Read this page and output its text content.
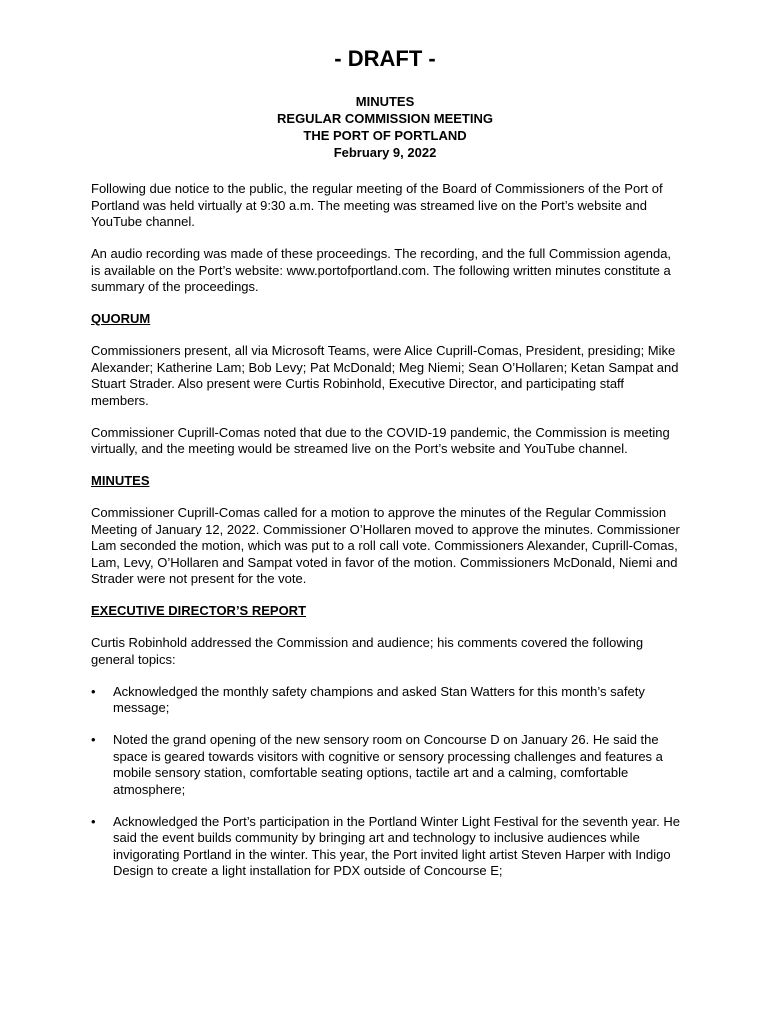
- DRAFT -
MINUTES
REGULAR COMMISSION MEETING
THE PORT OF PORTLAND
February 9, 2022

Following due notice to the public, the regular meeting of the Board of Commissioners of the Port of Portland was held virtually at 9:30 a.m. The meeting was streamed live on the Port’s website and YouTube channel.

An audio recording was made of these proceedings. The recording, and the full Commission agenda, is available on the Port’s website: www.portofportland.com. The following written minutes constitute a summary of the proceedings.

QUORUM

Commissioners present, all via Microsoft Teams, were Alice Cuprill-Comas, President, presiding; Mike Alexander; Katherine Lam; Bob Levy; Pat McDonald; Meg Niemi; Sean O’Hollaren; Ketan Sampat and Stuart Strader. Also present were Curtis Robinhold, Executive Director, and participating staff members.

Commissioner Cuprill-Comas noted that due to the COVID-19 pandemic, the Commission is meeting virtually, and the meeting would be streamed live on the Port’s website and YouTube channel.

MINUTES

Commissioner Cuprill-Comas called for a motion to approve the minutes of the Regular Commission Meeting of January 12, 2022. Commissioner O’Hollaren moved to approve the minutes. Commissioner Lam seconded the motion, which was put to a roll call vote. Commissioners Alexander, Cuprill-Comas, Lam, Levy, O’Hollaren and Sampat voted in favor of the motion. Commissioners McDonald, Niemi and Strader were not present for the vote.

EXECUTIVE DIRECTOR’S REPORT

Curtis Robinhold addressed the Commission and audience; his comments covered the following general topics:

•	Acknowledged the monthly safety champions and asked Stan Watters for this month’s safety message;
•	Noted the grand opening of the new sensory room on Concourse D on January 26. He said the space is geared towards visitors with cognitive or sensory processing challenges and features a mobile sensory station, comfortable seating options, tactile art and a calming, comfortable atmosphere;
•	Acknowledged the Port’s participation in the Portland Winter Light Festival for the seventh year. He said the event builds community by bringing art and technology to inclusive audiences while invigorating Portland in the winter. This year, the Port invited light artist Steven Harper with Indigo Design to create a light installation for PDX outside of Concourse E;
